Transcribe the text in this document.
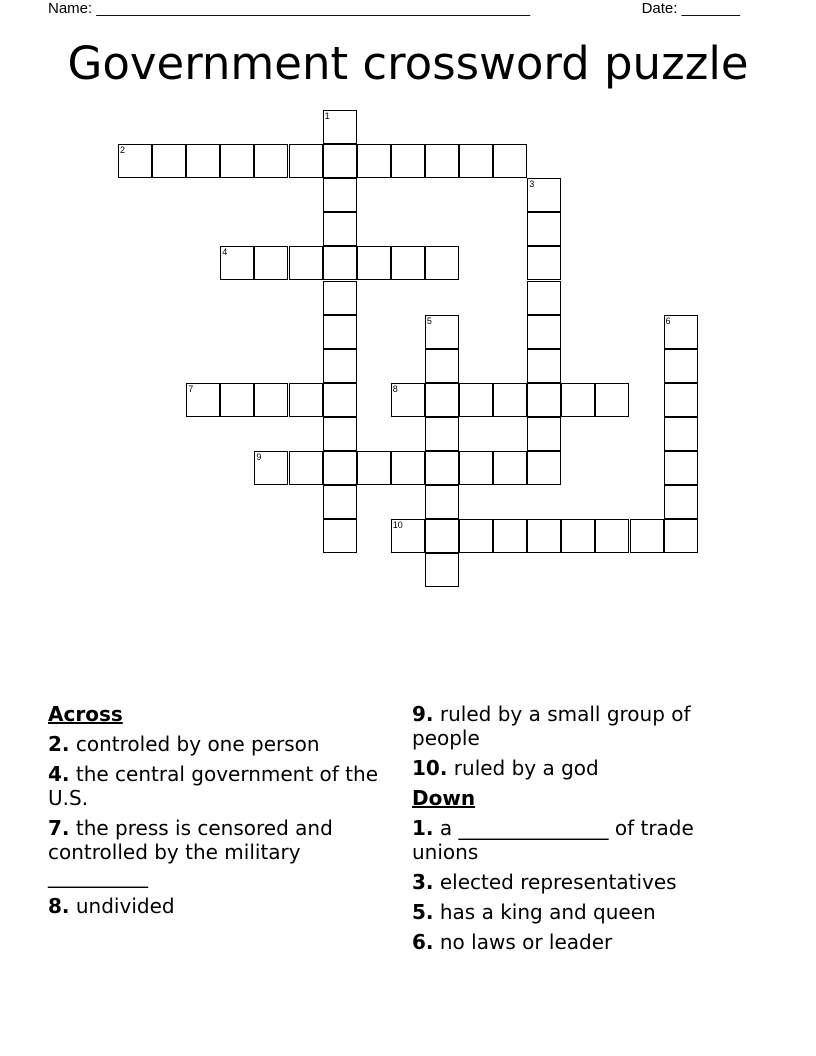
Name: ____________________________________________________	Date: _______
Government crossword puzzle
1
2
3
4
5	6
7	8
9
10
Across
2. controled by one person
4. the central government of the U.S.
7. the press is censored and controlled by the military __________
8. undivided
9. ruled by a small group of people
10. ruled by a god
Down
1. a _______________ of trade unions
3. elected representatives
5. has a king and queen
6. no laws or leader
